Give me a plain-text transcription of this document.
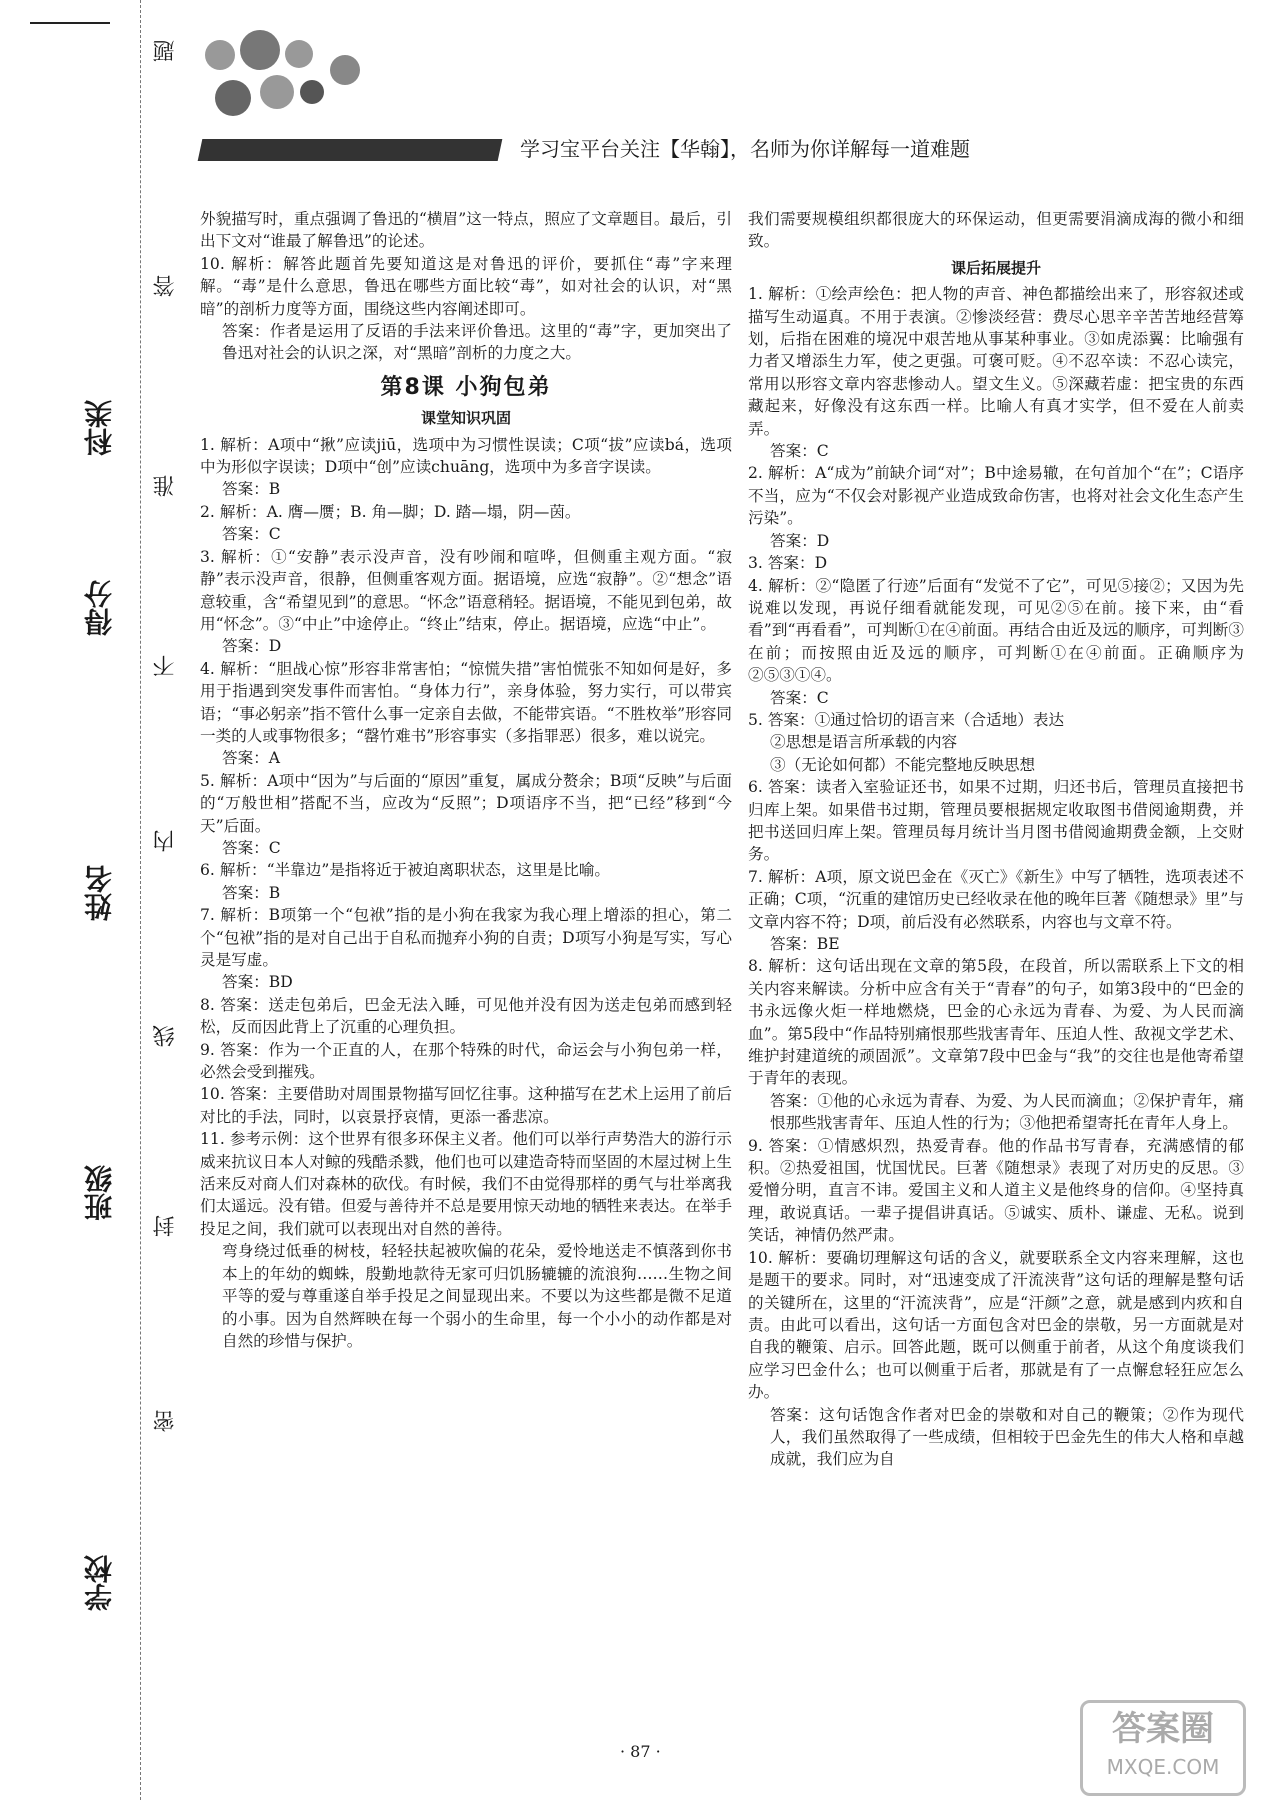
学习宝平台关注【华翰】，名师为你详解每一道难题
学校
班级
姓名
得分
科类
密
封
线
内
不
准
答
题

外貌描写时，重点强调了鲁迅的“横眉”这一特点，照应了文章题目。最后，引出下文对“谁最了解鲁迅”的论述。

10. 解析：解答此题首先要知道这是对鲁迅的评价，要抓住“毒”字来理解。“毒”是什么意思，鲁迅在哪些方面比较“毒”，如对社会的认识，对“黑暗”的剖析力度等方面，围绕这些内容阐述即可。

答案：作者是运用了反语的手法来评价鲁迅。这里的“毒”字，更加突出了鲁迅对社会的认识之深，对“黑暗”剖析的力度之大。

第8课 小狗包弟
课堂知识巩固

1. 解析：A项中“揪”应读jiū，选项中为习惯性误读；C项“拔”应读bá，选项中为形似字误读；D项中“创”应读chuāng，选项中为多音字误读。

答案：B

2. 解析：A. 膺—赝；B. 角—脚；D. 踏—塌，阴—茵。

答案：C

3. 解析：①“安静”表示没声音，没有吵闹和喧哗，但侧重主观方面。“寂静”表示没声音，很静，但侧重客观方面。据语境，应选“寂静”。②“想念”语意较重，含“希望见到”的意思。“怀念”语意稍轻。据语境，不能见到包弟，故用“怀念”。③“中止”中途停止。“终止”结束，停止。据语境，应选“中止”。

答案：D

4. 解析：“胆战心惊”形容非常害怕；“惊慌失措”害怕慌张不知如何是好，多用于指遇到突发事件而害怕。“身体力行”，亲身体验，努力实行，可以带宾语；“事必躬亲”指不管什么事一定亲自去做，不能带宾语。“不胜枚举”形容同一类的人或事物很多；“罄竹难书”形容事实（多指罪恶）很多，难以说完。

答案：A

5. 解析：A项中“因为”与后面的“原因”重复，属成分赘余；B项“反映”与后面的“万般世相”搭配不当，应改为“反照”；D项语序不当，把“已经”移到“今天”后面。

答案：C

6. 解析：“半靠边”是指将近于被迫离职状态，这里是比喻。

答案：B

7. 解析：B项第一个“包袱”指的是小狗在我家为我心理上增添的担心，第二个“包袱”指的是对自己出于自私而抛弃小狗的自责；D项写小狗是写实，写心灵是写虚。

答案：BD

8. 答案：送走包弟后，巴金无法入睡，可见他并没有因为送走包弟而感到轻松，反而因此背上了沉重的心理负担。

9. 答案：作为一个正直的人，在那个特殊的时代，命运会与小狗包弟一样，必然会受到摧残。

10. 答案：主要借助对周围景物描写回忆往事。这种描写在艺术上运用了前后对比的手法，同时，以哀景抒哀情，更添一番悲凉。

11. 参考示例：这个世界有很多环保主义者。他们可以举行声势浩大的游行示威来抗议日本人对鲸的残酷杀戮，他们也可以建造奇特而坚固的木屋过树上生活来反对商人们对森林的砍伐。有时候，我们不由觉得那样的勇气与壮举离我们太遥远。没有错。但爱与善待并不总是要用惊天动地的牺牲来表达。在举手投足之间，我们就可以表现出对自然的善待。

弯身绕过低垂的树枝，轻轻扶起被吹偏的花朵，爱怜地送走不慎落到你书本上的年幼的蜘蛛，殷勤地款待无家可归饥肠辘辘的流浪狗……生物之间平等的爱与尊重遂自举手投足之间显现出来。不要以为这些都是微不足道的小事。因为自然辉映在每一个弱小的生命里，每一个小小的动作都是对自然的珍惜与保护。

我们需要规模组织都很庞大的环保运动，但更需要涓滴成海的微小和细致。

课后拓展提升

1. 解析：①绘声绘色：把人物的声音、神色都描绘出来了，形容叙述或描写生动逼真。不用于表演。②惨淡经营：费尽心思辛辛苦苦地经营筹划，后指在困难的境况中艰苦地从事某种事业。③如虎添翼：比喻强有力者又增添生力军，使之更强。可褒可贬。④不忍卒读：不忍心读完，常用以形容文章内容悲惨动人。望文生义。⑤深藏若虚：把宝贵的东西藏起来，好像没有这东西一样。比喻人有真才实学，但不爱在人前卖弄。

答案：C

2. 解析：A“成为”前缺介词“对”；B中途易辙，在句首加个“在”；C语序不当，应为“不仅会对影视产业造成致命伤害，也将对社会文化生态产生污染”。

答案：D

3. 答案：D

4. 解析：②“隐匿了行迹”后面有“发觉不了它”，可见⑤接②；又因为先说难以发现，再说仔细看就能发现，可见②⑤在前。接下来，由“看看”到“再看看”，可判断①在④前面。再结合由近及远的顺序，可判断③在前；而按照由近及远的顺序，可判断①在④前面。正确顺序为②⑤③①④。

答案：C

5. 答案：①通过恰切的语言来（合适地）表达

②思想是语言所承载的内容

③（无论如何都）不能完整地反映思想

6. 答案：读者入室验证还书，如果不过期，归还书后，管理员直接把书归库上架。如果借书过期，管理员要根据规定收取图书借阅逾期费，并把书送回归库上架。管理员每月统计当月图书借阅逾期费金额，上交财务。

7. 解析：A项，原文说巴金在《灭亡》《新生》中写了牺牲，选项表述不正确；C项，“沉重的建馆历史已经收录在他的晚年巨著《随想录》里”与文章内容不符；D项，前后没有必然联系，内容也与文章不符。

答案：BE

8. 解析：这句话出现在文章的第5段，在段首，所以需联系上下文的相关内容来解读。分析中应含有关于“青春”的句子，如第3段中的“巴金的书永远像火炬一样地燃烧，巴金的心永远为青春、为爱、为人民而滴血”。第5段中“作品特别痛恨那些戕害青年、压迫人性、敌视文学艺术、维护封建道统的顽固派”。文章第7段中巴金与“我”的交往也是他寄希望于青年的表现。

答案：①他的心永远为青春、为爱、为人民而滴血；②保护青年，痛恨那些戕害青年、压迫人性的行为；③他把希望寄托在青年人身上。

9. 答案：①情感炽烈，热爱青春。他的作品书写青春，充满感情的郁积。②热爱祖国，忧国忧民。巨著《随想录》表现了对历史的反思。③爱憎分明，直言不讳。爱国主义和人道主义是他终身的信仰。④坚持真理，敢说真话。一辈子提倡讲真话。⑤诚实、质朴、谦虚、无私。说到笑话，神情仍然严肃。

10. 解析：要确切理解这句话的含义，就要联系全文内容来理解，这也是题干的要求。同时，对“迅速变成了汗流浃背”这句话的理解是整句话的关键所在，这里的“汗流浃背”，应是“汗颜”之意，就是感到内疚和自责。由此可以看出，这句话一方面包含对巴金的崇敬，另一方面就是对自我的鞭策、启示。回答此题，既可以侧重于前者，从这个角度谈我们应学习巴金什么；也可以侧重于后者，那就是有了一点懈怠轻狂应怎么办。

答案：这句话饱含作者对巴金的崇敬和对自己的鞭策；②作为现代人，我们虽然取得了一些成绩，但相较于巴金先生的伟大人格和卓越成就，我们应为自

· 87 ·
答案圈
MXQE.COM
